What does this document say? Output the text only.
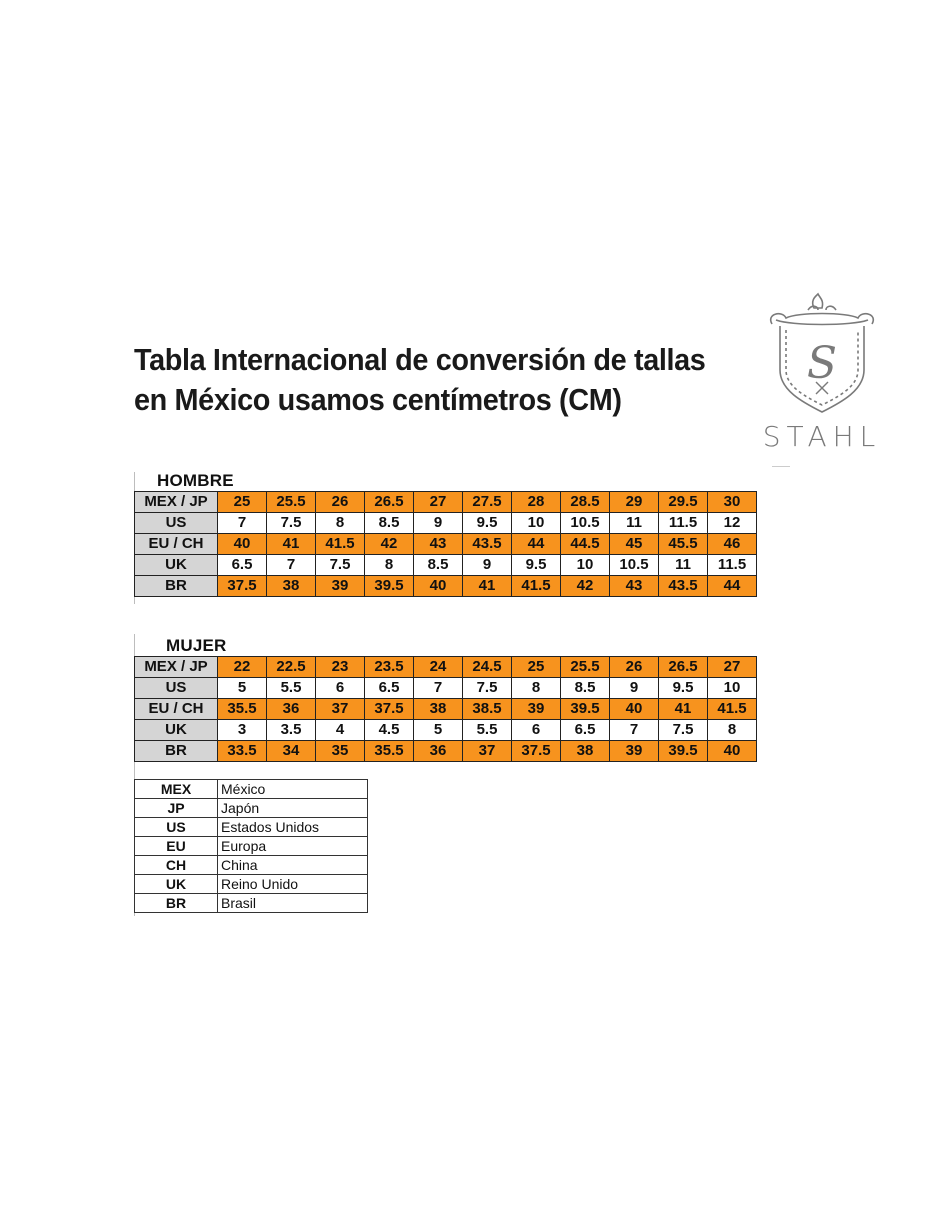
Tabla Internacional de conversión de tallas
en México usamos centímetros (CM)
S
STAHL
HOMBRE
MEX / JP	25	25.5	26	26.5	27	27.5	28	28.5	29	29.5	30
US	7	7.5	8	8.5	9	9.5	10	10.5	11	11.5	12
EU / CH	40	41	41.5	42	43	43.5	44	44.5	45	45.5	46
UK	6.5	7	7.5	8	8.5	9	9.5	10	10.5	11	11.5
BR	37.5	38	39	39.5	40	41	41.5	42	43	43.5	44
MUJER
MEX / JP	22	22.5	23	23.5	24	24.5	25	25.5	26	26.5	27
US	5	5.5	6	6.5	7	7.5	8	8.5	9	9.5	10
EU / CH	35.5	36	37	37.5	38	38.5	39	39.5	40	41	41.5
UK	3	3.5	4	4.5	5	5.5	6	6.5	7	7.5	8
BR	33.5	34	35	35.5	36	37	37.5	38	39	39.5	40
MEX	México
JP	Japón
US	Estados Unidos
EU	Europa
CH	China
UK	Reino Unido
BR	Brasil
